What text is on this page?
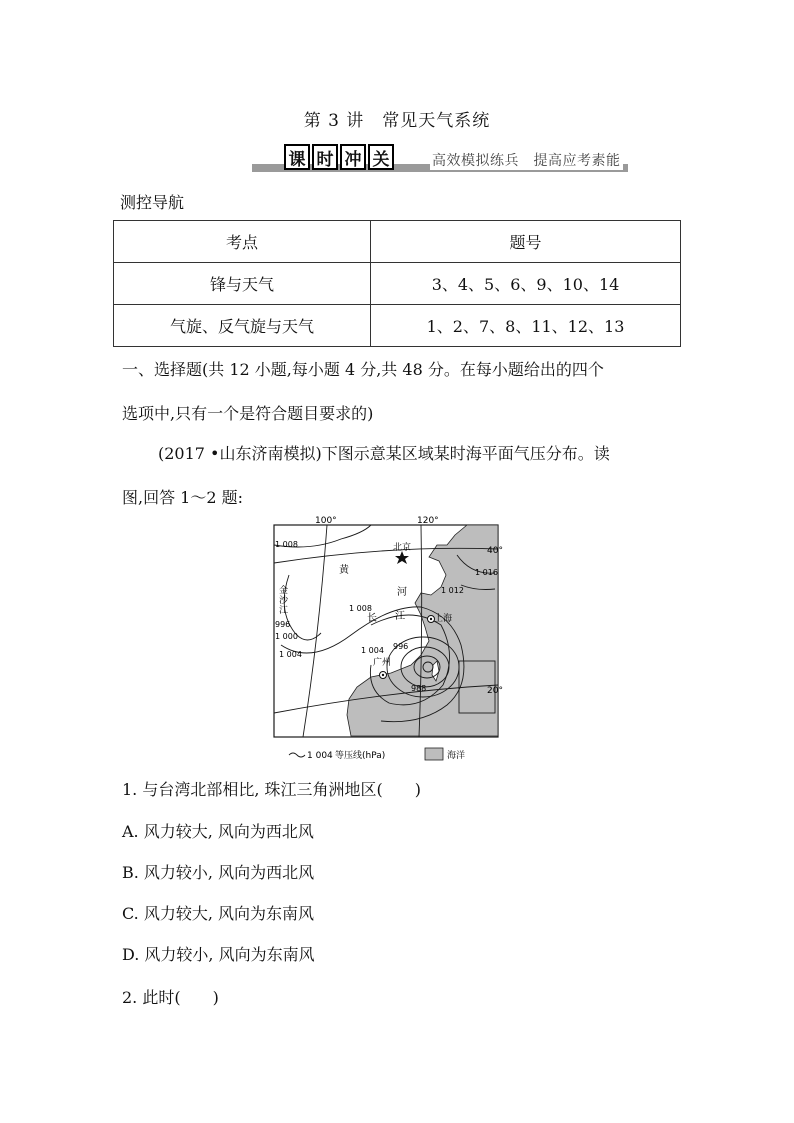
第 3 讲　常见天气系统
课 时 冲 关	高效模拟练兵　提高应考素能
测控导航
考点	题号
锋与天气	3、4、5、6、9、10、14
气旋、反气旋与天气	1、2、7、8、11、12、13
一、选择题(共 12 小题,每小题 4 分,共 48 分。在每小题给出的四个
选项中,只有一个是符合题目要求的)
(2017 •山东济南模拟)下图示意某区域某时海平面气压分布。读
图,回答 1～2 题:
100°	120°
40°
20°
北京
上海
广州
黄
河
长 江
金
沙
江
1 008
1 016
1 012
1 008
996
1 000
1 004	1 004 996
988
1 004 等压线(hPa)	海洋
1. 与台湾北部相比, 珠江三角洲地区(　　)
A. 风力较大, 风向为西北风
B. 风力较小, 风向为西北风
C. 风力较大, 风向为东南风
D. 风力较小, 风向为东南风
2. 此时(　　)
